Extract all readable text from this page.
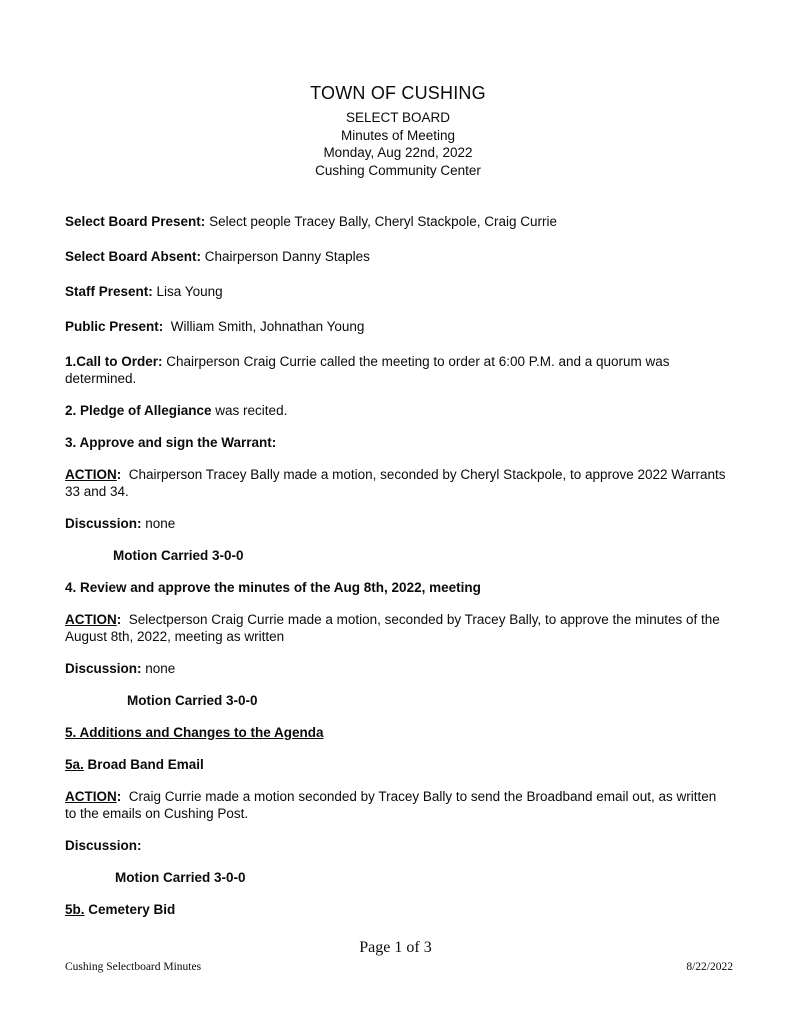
TOWN OF CUSHING
SELECT BOARD
Minutes of Meeting
Monday, Aug 22nd, 2022
Cushing Community Center

Select Board Present: Select people Tracey Bally, Cheryl Stackpole, Craig Currie

Select Board Absent: Chairperson Danny Staples

Staff Present: Lisa Young

Public Present:  William Smith, Johnathan Young

1.Call to Order: Chairperson Craig Currie called the meeting to order at 6:00 P.M. and a quorum was determined.

2. Pledge of Allegiance was recited.

3. Approve and sign the Warrant:

ACTION:  Chairperson Tracey Bally made a motion, seconded by Cheryl Stackpole, to approve 2022 Warrants 33 and 34.

Discussion: none

Motion Carried 3-0-0

4. Review and approve the minutes of the Aug 8th, 2022, meeting

ACTION:  Selectperson Craig Currie made a motion, seconded by Tracey Bally, to approve the minutes of the August 8th, 2022, meeting as written

Discussion: none

Motion Carried 3-0-0

5. Additions and Changes to the Agenda

5a. Broad Band Email

ACTION:  Craig Currie made a motion seconded by Tracey Bally to send the Broadband email out, as written to the emails on Cushing Post.

Discussion:

Motion Carried 3-0-0

5b. Cemetery Bid

Page 1 of 3
Cushing Selectboard Minutes	8/22/2022
